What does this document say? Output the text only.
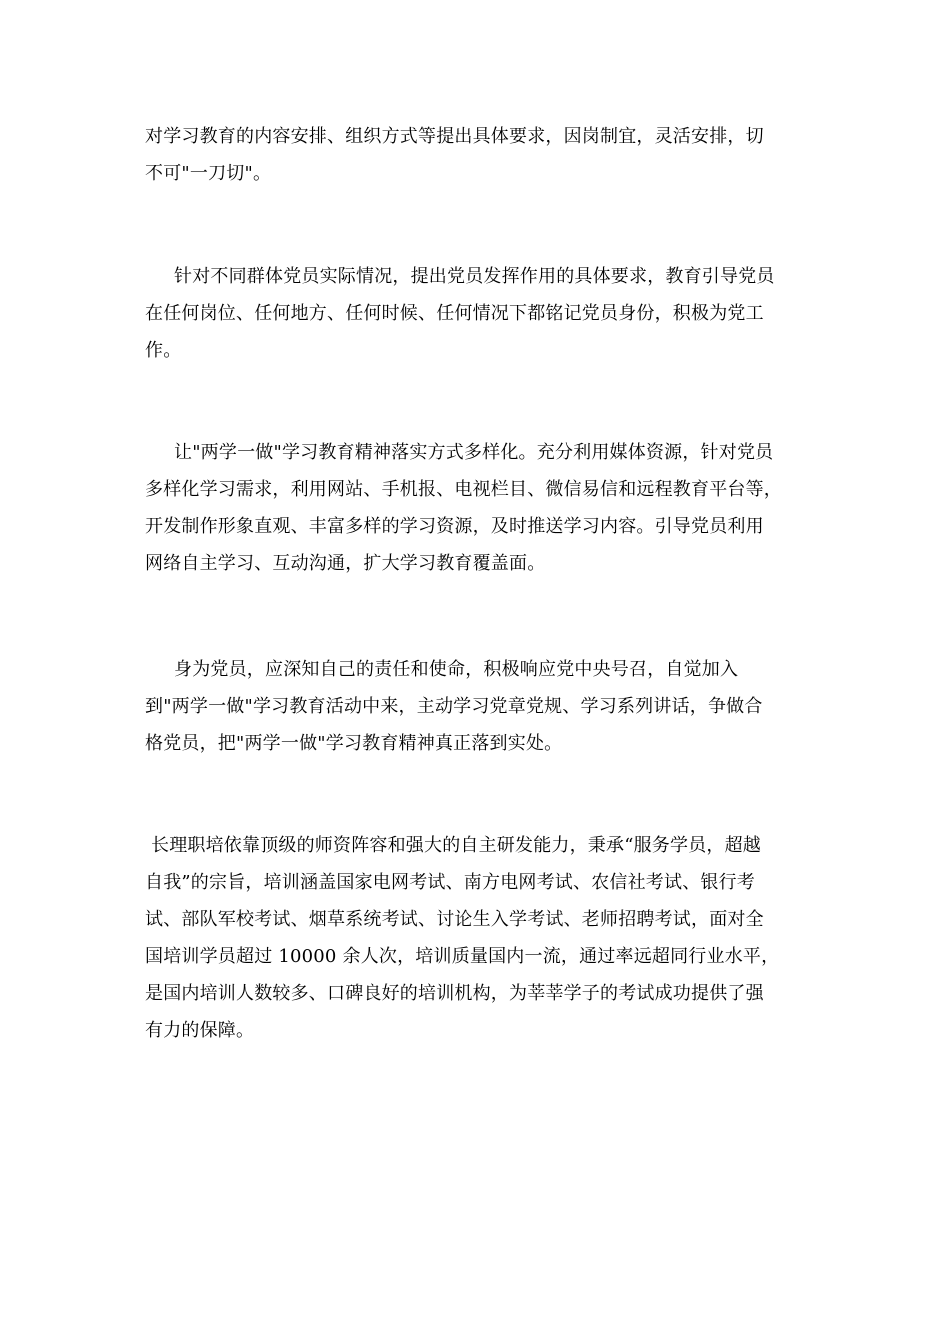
对学习教育的内容安排、组织方式等提出具体要求，因岗制宜，灵活安排，切
不可"一刀切"。

针对不同群体党员实际情况，提出党员发挥作用的具体要求，教育引导党员
在任何岗位、任何地方、任何时候、任何情况下都铭记党员身份，积极为党工
作。

让"两学一做"学习教育精神落实方式多样化。充分利用媒体资源，针对党员
多样化学习需求，利用网站、手机报、电视栏目、微信易信和远程教育平台等，
开发制作形象直观、丰富多样的学习资源，及时推送学习内容。引导党员利用
网络自主学习、互动沟通，扩大学习教育覆盖面。

身为党员，应深知自己的责任和使命，积极响应党中央号召，自觉加入
到"两学一做"学习教育活动中来，主动学习党章党规、学习系列讲话，争做合
格党员，把"两学一做"学习教育精神真正落到实处。

长理职培依靠顶级的师资阵容和强大的自主研发能力，秉承“服务学员，超越
自我”的宗旨，培训涵盖国家电网考试、南方电网考试、农信社考试、银行考
试、部队军校考试、烟草系统考试、讨论生入学考试、老师招聘考试，面对全
国培训学员超过 10000 余人次，培训质量国内一流，通过率远超同行业水平，
是国内培训人数较多、口碑良好的培训机构，为莘莘学子的考试成功提供了强
有力的保障。
